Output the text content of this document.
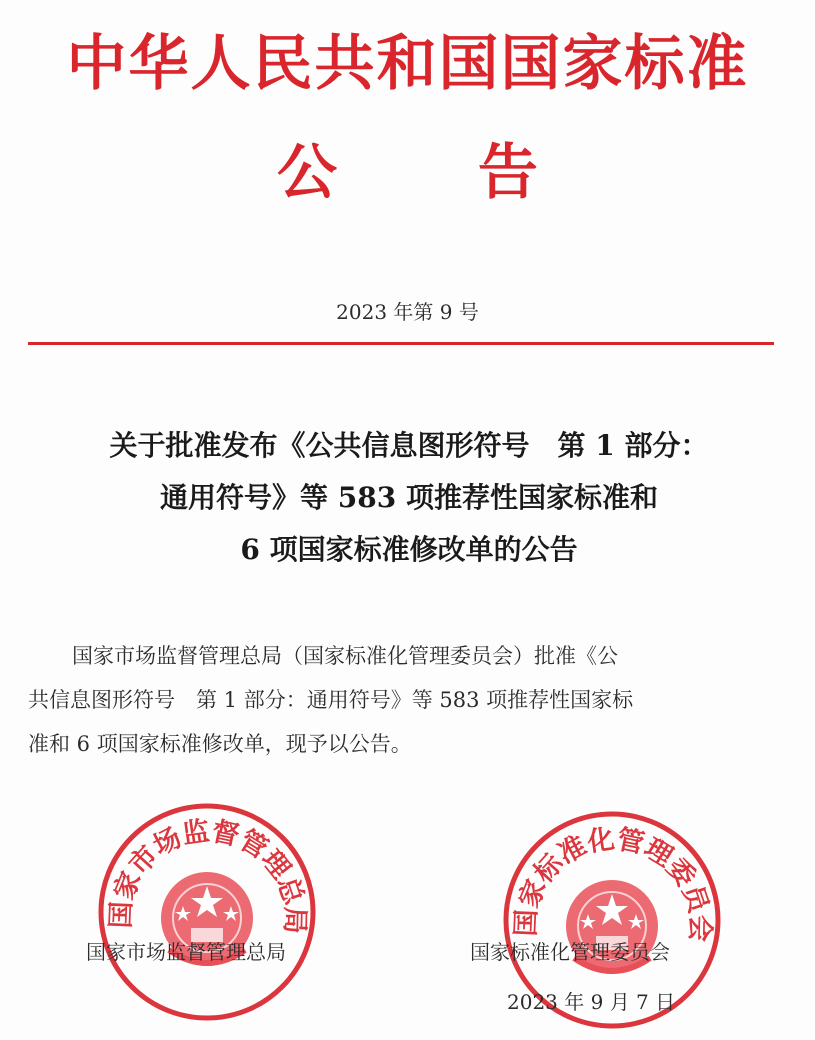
中华人民共和国国家标准
公 告
2023 年第 9 号
关于批准发布《公共信息图形符号　第 1 部分：
通用符号》等 583 项推荐性国家标准和
6 项国家标准修改单的公告
国家市场监督管理总局（国家标准化管理委员会）批准《公
共信息图形符号　第 1 部分：通用符号》等 583 项推荐性国家标
准和 6 项国家标准修改单，现予以公告。
国家市场监督管理总局	国家标准化管理委员会
国家市场监督管理总局	国家标准化管理委员会
2023 年 9 月 7 日
